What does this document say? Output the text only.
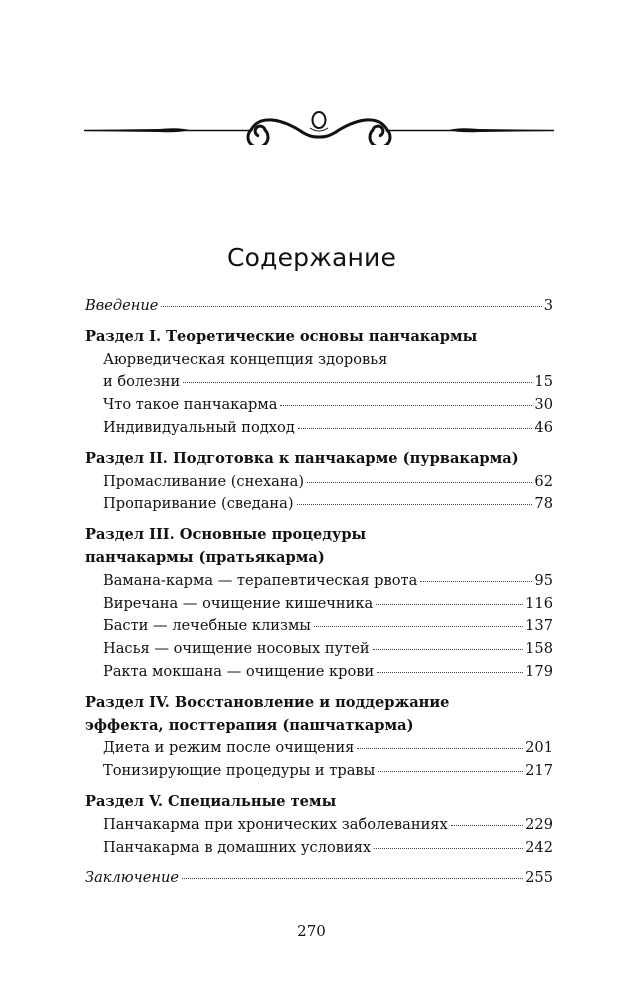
Содержание
Введение	3
Раздел I. Теоретические основы панчакармы
Аюрведическая концепция здоровья
и болезни	15
Что такое панчакарма	30
Индивидуальный подход	46
Раздел II. Подготовка к панчакарме (пурвакарма)
Промасливание (снехана)	62
Пропаривание (сведана)	78
Раздел III. Основные процедуры
панчакармы (пратьякарма)
Вамана-карма — терапевтическая рвота	95
Виречана — очищение кишечника	116
Басти — лечебные клизмы	137
Насья — очищение носовых путей	158
Ракта мокшана — очищение крови	179
Раздел IV. Восстановление и поддержание
эффекта, посттерапия (пашчаткарма)
Диета и режим после очищения	201
Тонизирующие процедуры и травы	217
Раздел V. Специальные темы
Панчакарма при хронических заболеваниях	229
Панчакарма в домашних условиях	242
Заключение	255
270
